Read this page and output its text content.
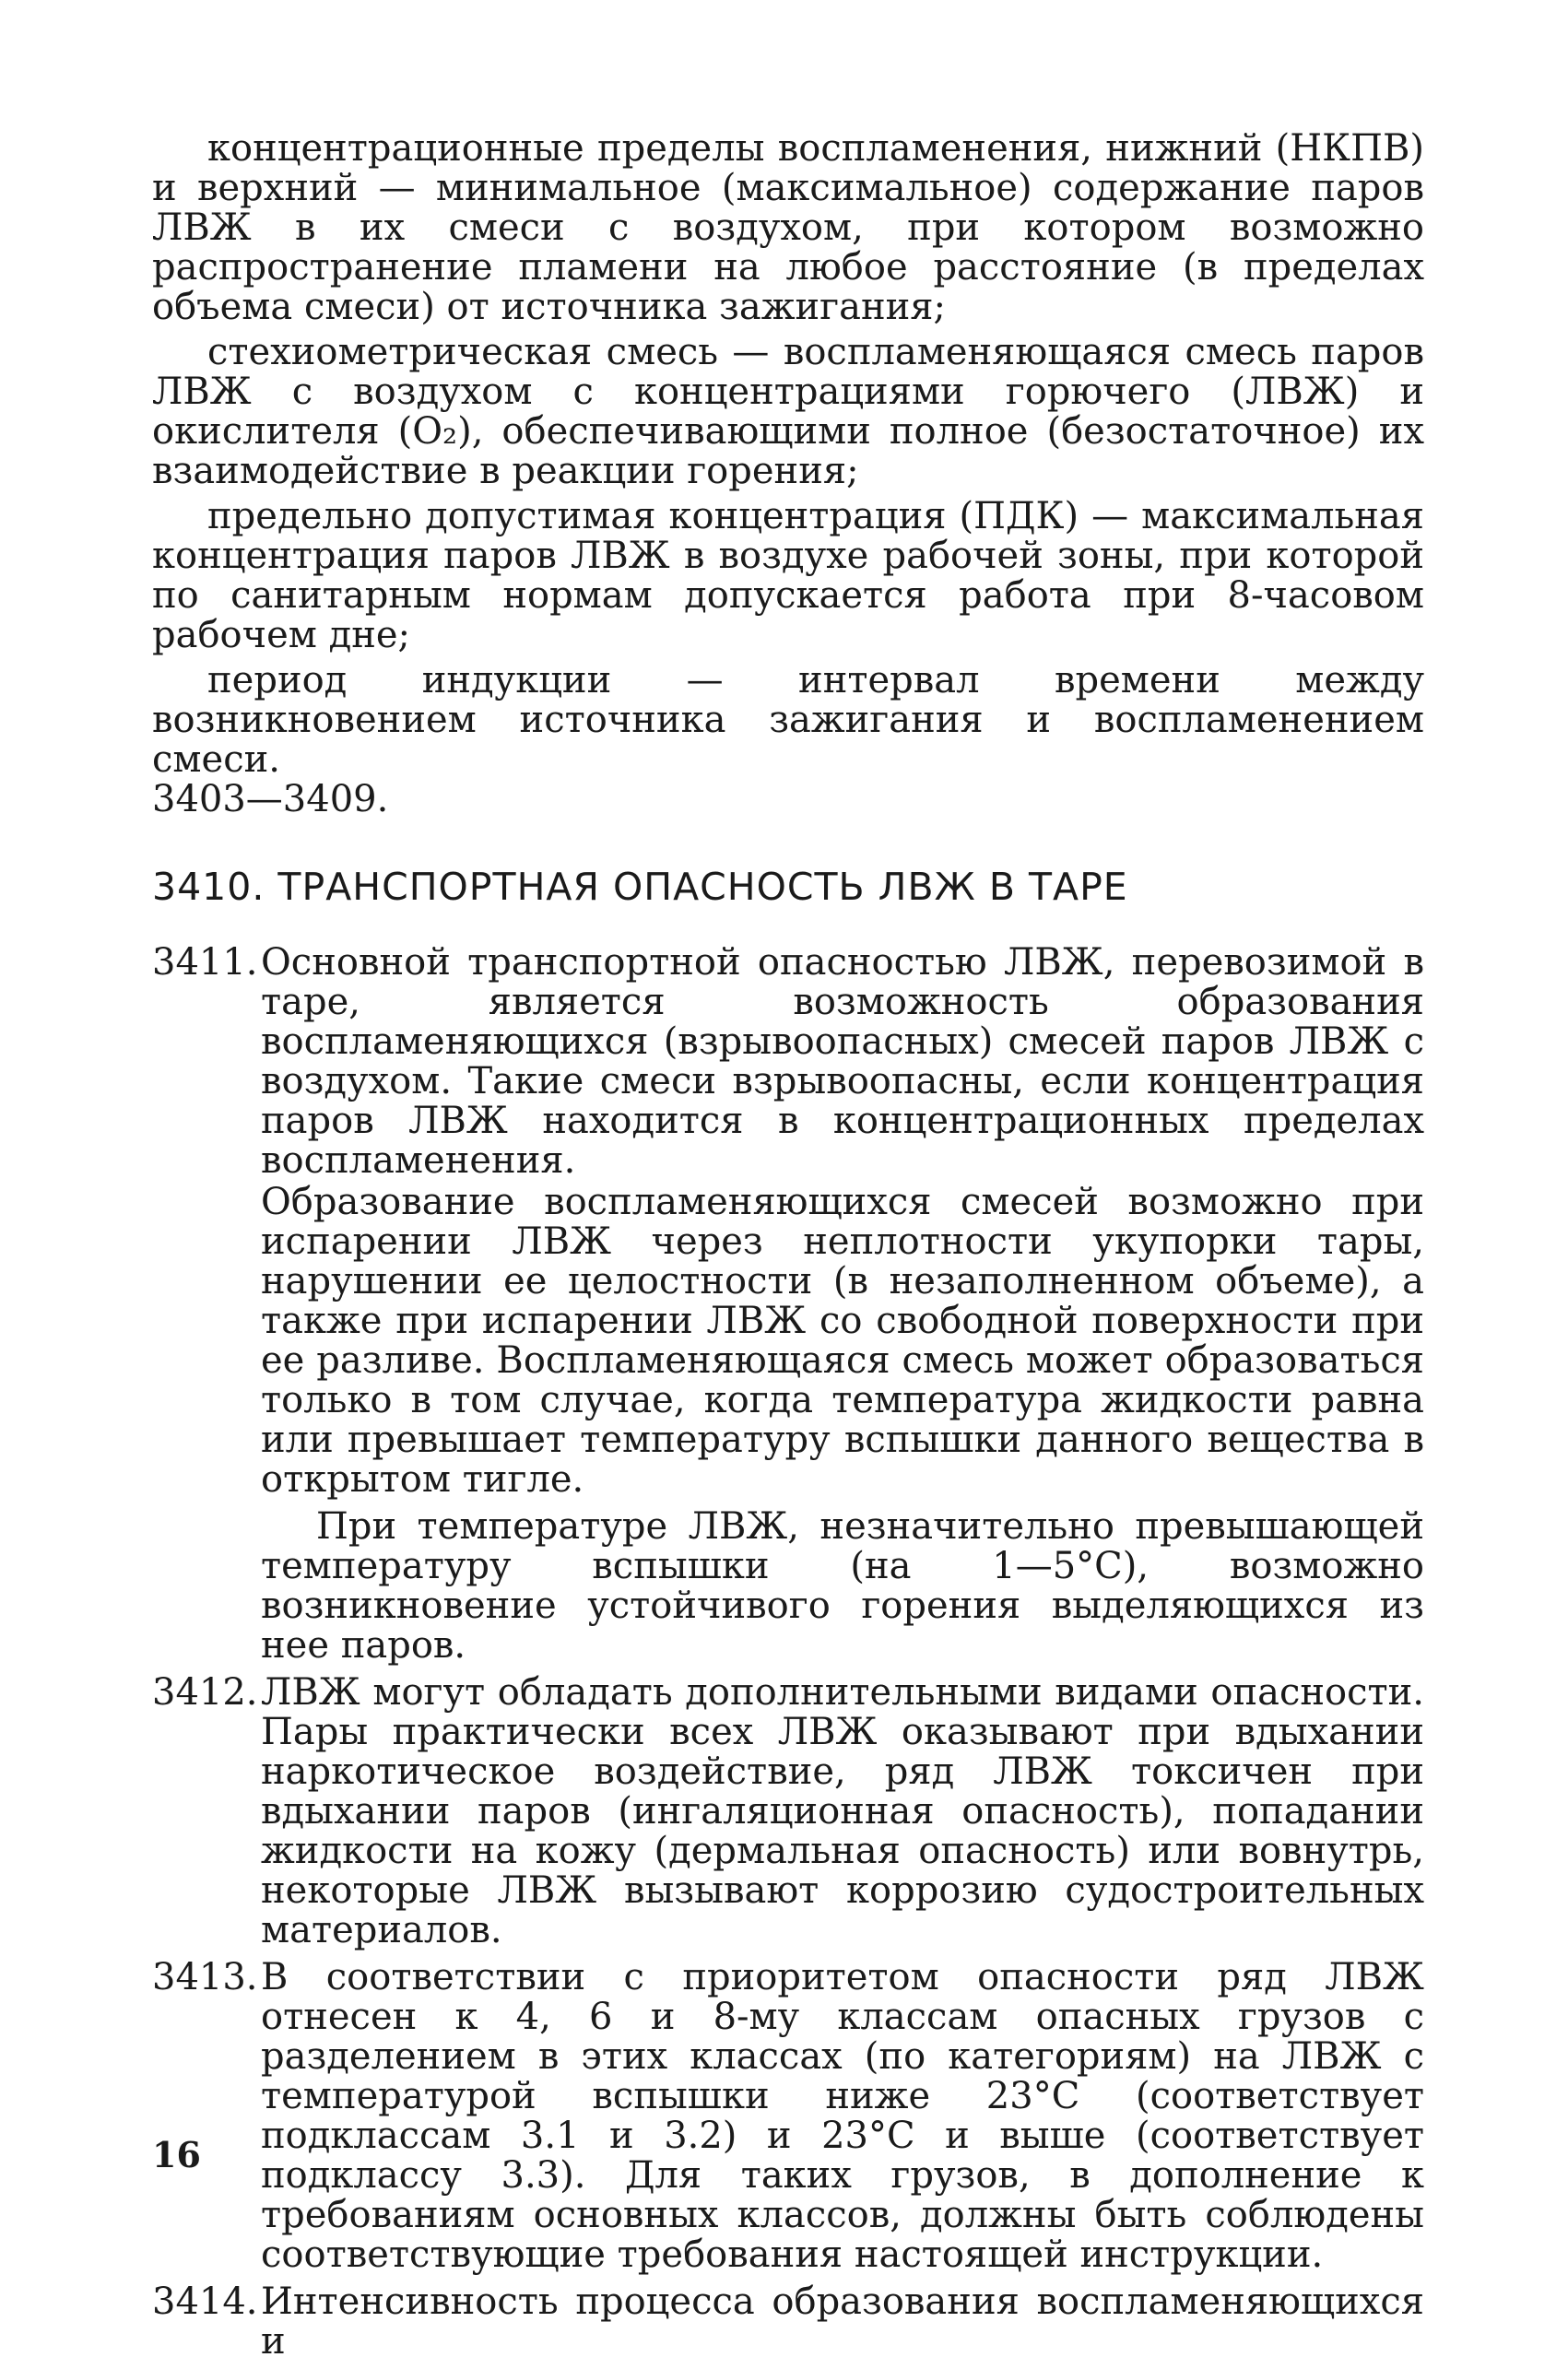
концентрационные пределы воспламенения, нижний (НКПВ) и верхний — минимальное (максимальное) содержание паров ЛВЖ в их смеси с воздухом, при котором возможно распространение пламени на любое расстояние (в пределах объема смеси) от источника зажигания;

стехиометрическая смесь — воспламеняющаяся смесь паров ЛВЖ с воздухом с концентрациями горючего (ЛВЖ) и окислителя (O₂), обеспечивающими полное (безостаточное) их взаимодействие в реакции горения;

предельно допустимая концентрация (ПДК) — максимальная концентрация паров ЛВЖ в воздухе рабочей зоны, при которой по санитарным нормам допускается работа при 8-часовом рабочем дне;

период индукции — интервал времени между возникновением источника зажигания и воспламенением смеси.

3403—3409.

3410. ТРАНСПОРТНАЯ ОПАСНОСТЬ ЛВЖ В ТАРЕ
3411. Основной транспортной опасностью ЛВЖ, перевозимой в таре, является возможность образования воспламеняющихся (взрывоопасных) смесей паров ЛВЖ с воздухом. Такие смеси взрывоопасны, если концентрация паров ЛВЖ находится в концентрационных пределах воспламенения.

Образование воспламеняющихся смесей возможно при испарении ЛВЖ через неплотности укупорки тары, нарушении ее целостности (в незаполненном объеме), а также при испарении ЛВЖ со свободной поверхности при ее разливе. Воспламеняющаяся смесь может образоваться только в том случае, когда температура жидкости равна или превышает температуру вспышки данного вещества в открытом тигле.

При температуре ЛВЖ, незначительно превышающей температуру вспышки (на 1—5°С), возможно возникновение устойчивого горения выделяющихся из нее паров.

3412. ЛВЖ могут обладать дополнительными видами опасности. Пары практически всех ЛВЖ оказывают при вдыхании наркотическое воздействие, ряд ЛВЖ токсичен при вдыхании паров (ингаляционная опасность), попадании жидкости на кожу (дермальная опасность) или вовнутрь, некоторые ЛВЖ вызывают коррозию судостроительных материалов.

3413. В соответствии с приоритетом опасности ряд ЛВЖ отнесен к 4, 6 и 8-му классам опасных грузов с разделением в этих классах (по категориям) на ЛВЖ с температурой вспышки ниже 23°С (соответствует подклассам 3.1 и 3.2) и 23°С и выше (соответствует подклассу 3.3). Для таких грузов, в дополнение к требованиям основных классов, должны быть соблюдены соответствующие требования настоящей инструкции.

3414. Интенсивность процесса образования воспламеняющихся и

16
